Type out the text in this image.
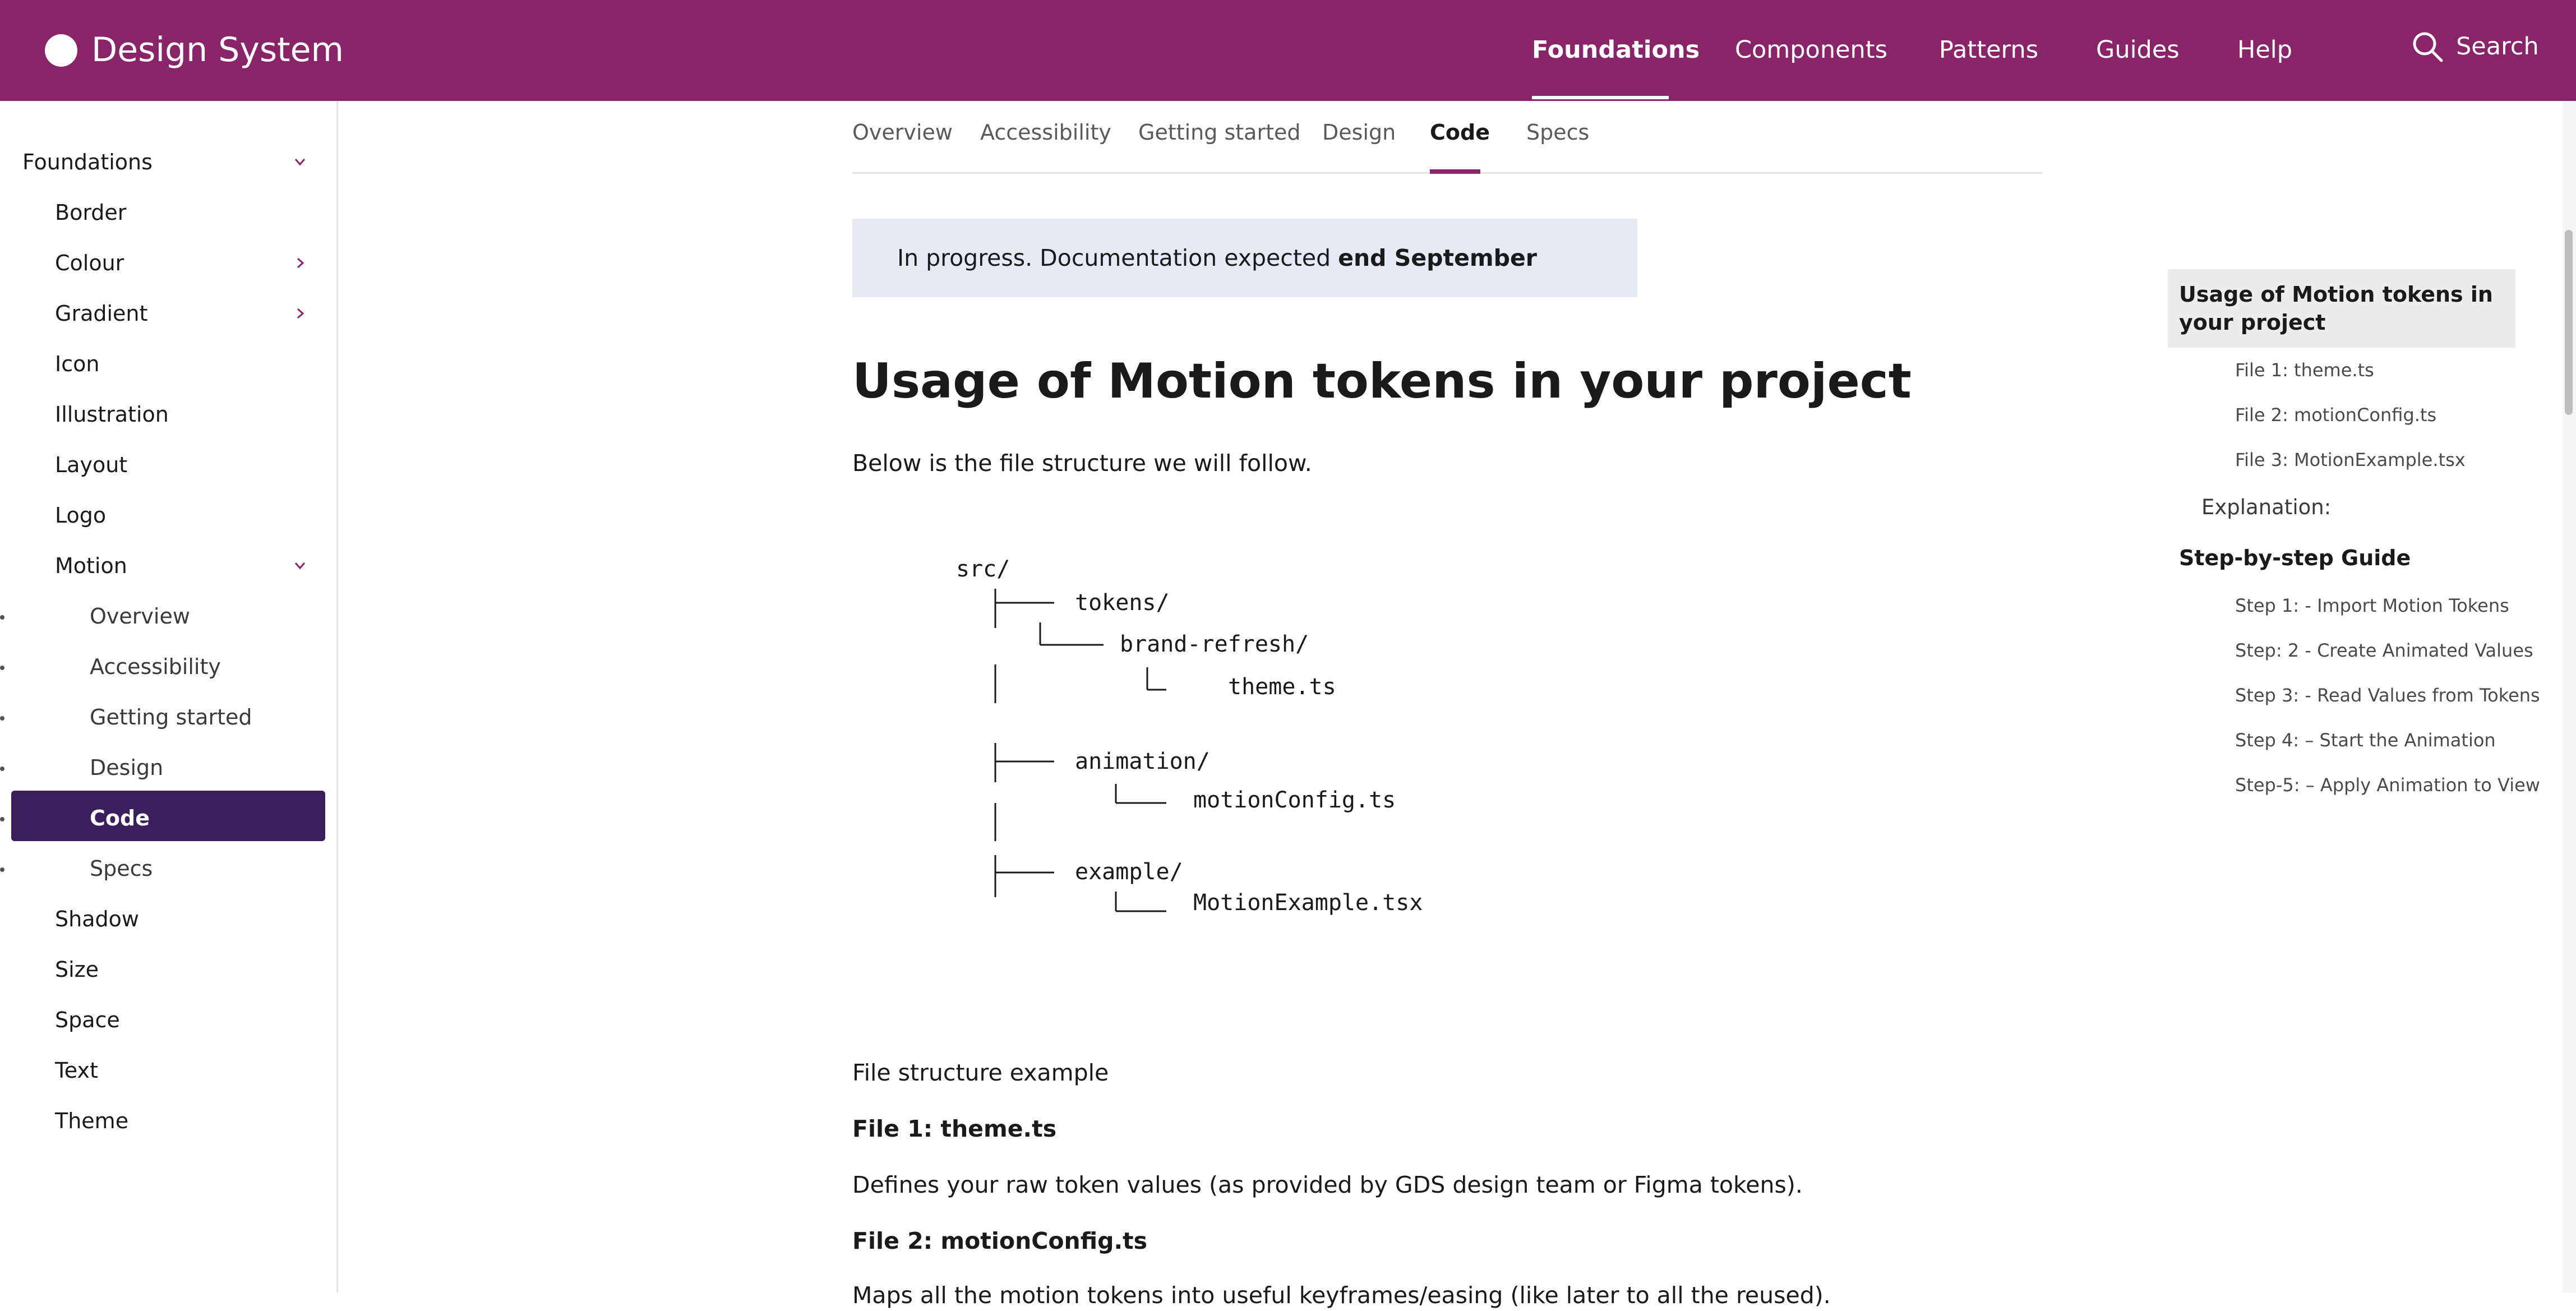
Design System	Foundations Components Patterns Guides Help	Search
Foundations
Border
Colour
Gradient
Icon
Illustration
Layout
Logo
Motion
Overview
Accessibility
Getting started
Design
Code
Specs
Shadow
Size
Space
Text
Theme
Overview Accessibility Getting started Design Code Specs
In progress. Documentation expected end September
Usage of Motion tokens in your project
Below is the file structure we will follow.
src/
tokens/
brand-refresh/
theme.ts
animation/
motionConfig.ts
example/
MotionExample.tsx
File structure example
File 1: theme.ts
Defines your raw token values (as provided by GDS design team or Figma tokens).
File 2: motionConfig.ts
Maps all the motion tokens into useful keyframes/easing (like later to all the reused).
Usage of Motion tokens in your project
File 1: theme.ts
File 2: motionConfig.ts
File 3: MotionExample.tsx
Explanation:
Step-by-step Guide
Step 1: - Import Motion Tokens
Step: 2 - Create Animated Values
Step 3: - Read Values from Tokens
Step 4: – Start the Animation
Step-5: – Apply Animation to View
